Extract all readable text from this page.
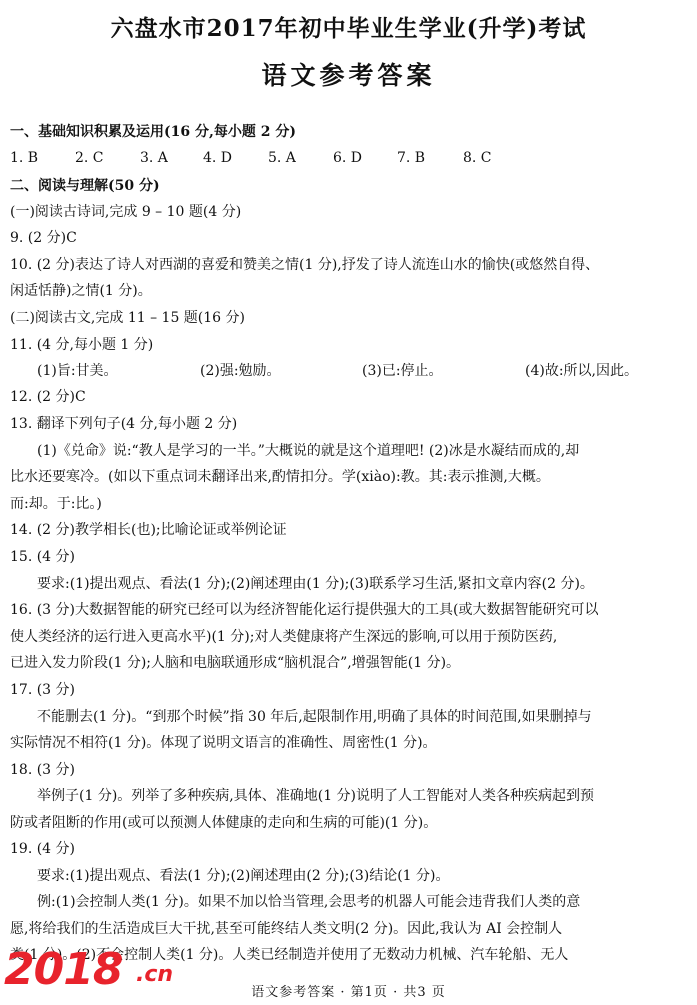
六盘水市2017年初中毕业生学业(升学)考试
语文参考答案
一、基础知识积累及运用(16 分,每小题 2 分)
1. B	2. C	3. A	4. D	5. A	6. D 7. B	8. C
二、阅读与理解(50 分)
(一)阅读古诗词,完成 9 – 10 题(4 分)
9. (2 分)C
10. (2 分)表达了诗人对西湖的喜爱和赞美之情(1 分),抒发了诗人流连山水的愉快(或悠然自得、
闲适恬静)之情(1 分)。
(二)阅读古文,完成 11 – 15 题(16 分)
11. (4 分,每小题 1 分)
(1)旨:甘美。	(2)强:勉励。	(3)已:停止。	(4)故:所以,因此。
12. (2 分)C
13. 翻译下列句子(4 分,每小题 2 分)
(1)《兑命》说:“教人是学习的一半。”大概说的就是这个道理吧! (2)冰是水凝结而成的,却
比水还要寒冷。(如以下重点词未翻译出来,酌情扣分。学(xiào):教。其:表示推测,大概。
而:却。于:比。)
14. (2 分)教学相长(也);比喻论证或举例论证
15. (4 分)
要求:(1)提出观点、看法(1 分);(2)阐述理由(1 分);(3)联系学习生活,紧扣文章内容(2 分)。
16. (3 分)大数据智能的研究已经可以为经济智能化运行提供强大的工具(或大数据智能研究可以
使人类经济的运行进入更高水平)(1 分);对人类健康将产生深远的影响,可以用于预防医药,
已进入发力阶段(1 分);人脑和电脑联通形成“脑机混合”,增强智能(1 分)。
17. (3 分)
不能删去(1 分)。“到那个时候”指 30 年后,起限制作用,明确了具体的时间范围,如果删掉与
实际情况不相符(1 分)。体现了说明文语言的准确性、周密性(1 分)。
18. (3 分)
举例子(1 分)。列举了多种疾病,具体、准确地(1 分)说明了人工智能对人类各种疾病起到预
防或者阻断的作用(或可以预测人体健康的走向和生病的可能)(1 分)。
19. (4 分)
要求:(1)提出观点、看法(1 分);(2)阐述理由(2 分);(3)结论(1 分)。
例:(1)会控制人类(1 分)。如果不加以恰当管理,会思考的机器人可能会违背我们人类的意
愿,将给我们的生活造成巨大干扰,甚至可能终结人类文明(2 分)。因此,我认为 AI 会控制人
类(1 分)。(2)不会控制人类(1 分)。人类已经制造并使用了无数动力机械、汽车轮船、无人
2018 .cn
语文参考答案 · 第1页 · 共3 页
